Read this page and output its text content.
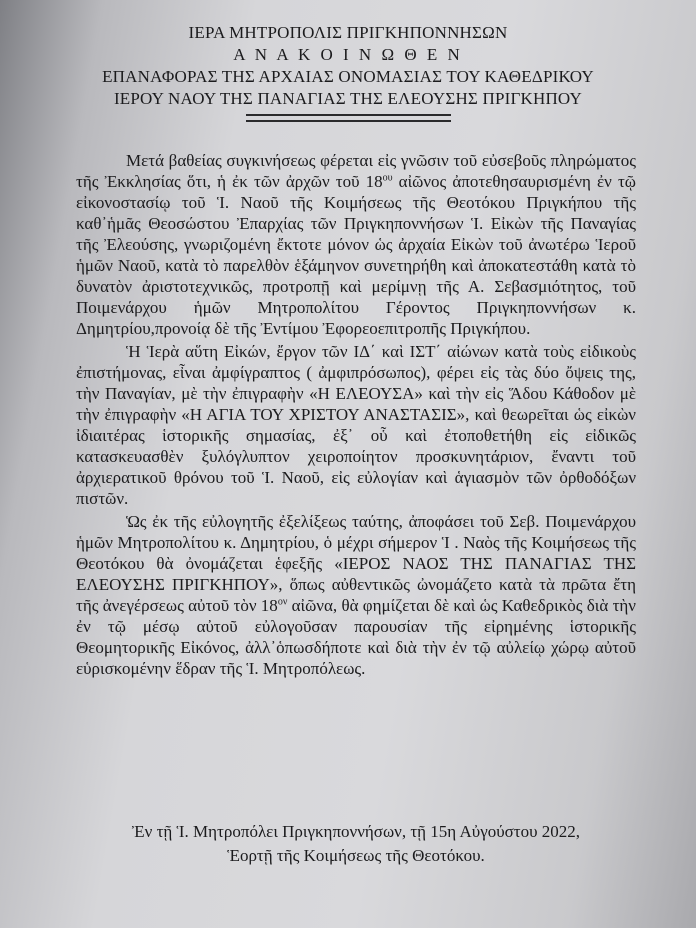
ΙΕΡΑ ΜΗΤΡΟΠΟΛΙΣ ΠΡΙΓΚΗΠΟΝΝΗΣΩΝ
Α Ν Α Κ Ο Ι Ν Ω Θ Ε Ν
ΕΠΑΝΑΦΟΡΑΣ ΤΗΣ ΑΡΧΑΙΑΣ ΟΝΟΜΑΣΙΑΣ ΤΟΥ ΚΑΘΕΔΡΙΚΟΥ
ΙΕΡΟΥ ΝΑΟΥ ΤΗΣ ΠΑΝΑΓΙΑΣ ΤΗΣ ΕΛΕΟΥΣΗΣ ΠΡΙΓΚΗΠΟΥ

Μετά βαθείας συγκινήσεως φέρεται εἰς γνῶσιν τοῦ εὐσεβοῦς πληρώματος τῆς Ἐκκλησίας ὅτι, ἡ ἐκ τῶν ἀρχῶν τοῦ $18^{o\upsilon}$ αἰῶνος ἀποτεθησαυρισμένη ἐν τῷ εἰκονοστασίῳ τοῦ Ἱ. Ναοῦ τῆς Κοιμήσεως τῆς Θεοτόκου Πριγκήπου τῆς καθ᾽ἡμᾶς Θεοσώστου Ἐπαρχίας τῶν Πριγκηποννήσων Ἱ. Εἰκὼν τῆς Παναγίας τῆς Ἐλεούσης, γνωριζομένη ἔκτοτε μόνον ὡς ἀρχαία Εἰκὼν τοῦ ἀνωτέρω Ἱεροῦ ἡμῶν Ναοῦ, κατὰ τὸ παρελθὸν ἑξάμηνον συνετηρήθη καὶ ἀποκατεστάθη κατὰ τὸ δυνατὸν ἀριστοτεχνικῶς, προτροπῇ καὶ μερίμνῃ τῆς Α. Σεβασμιότητος, τοῦ Ποιμενάρχου ἡμῶν Μητροπολίτου Γέροντος Πριγκηποννήσων κ. Δημητρίου,προνοίᾳ δὲ τῆς Ἐντίμου Ἐφορεοεπιτροπῆς Πριγκήπου.

Ἡ Ἱερὰ αὕτη Εἰκών, ἔργον τῶν ΙΔ΄ καὶ ΙΣΤ΄ αἰώνων κατὰ τοὺς εἰδικοὺς ἐπιστήμονας, εἶναι ἀμφίγραπτος ( ἀμφιπρόσωπος), φέρει εἰς τὰς δύο ὄψεις της, τὴν Παναγίαν, μὲ τὴν ἐπιγραφὴν «Η ΕΛΕΟΥΣΑ» καὶ τὴν εἰς Ἅδου Κάθοδον μὲ τὴν ἐπιγραφὴν «Η ΑΓΙΑ ΤΟΥ ΧΡΙΣΤΟΥ ΑΝΑΣΤΑΣΙΣ», καὶ θεωρεῖται ὡς εἰκὼν ἰδιαιτέρας ἱστορικῆς σημασίας, ἐξ᾽ οὗ καὶ ἐτοποθετήθη εἰς εἰδικῶς κατασκευασθὲν ξυλόγλυπτον χειροποίητον προσκυνητάριον, ἔναντι τοῦ ἀρχιερατικοῦ θρόνου τοῦ Ἱ. Ναοῦ, εἰς εὐλογίαν καὶ ἁγιασμὸν τῶν ὀρθοδόξων πιστῶν.

Ὡς ἐκ τῆς εὐλογητῆς ἐξελίξεως ταύτης, ἀποφάσει τοῦ Σεβ. Ποιμενάρχου ἡμῶν Μητροπολίτου κ. Δημητρίου, ὁ μέχρι σήμερον Ἱ . Ναὸς τῆς Κοιμήσεως τῆς Θεοτόκου θὰ ὀνομάζεται ἑφεξῆς «ΙΕΡΟΣ ΝΑΟΣ ΤΗΣ ΠΑΝΑΓΙΑΣ ΤΗΣ ΕΛΕΟΥΣΗΣ ΠΡΙΓΚΗΠΟΥ», ὅπως αὐθεντικῶς ὠνομάζετο κατὰ τὰ πρῶτα ἔτη τῆς ἀνεγέρσεως αὐτοῦ τὸν $18^{o\nu}$ αἰῶνα, θὰ φημίζεται δὲ καὶ ὡς Καθεδρικὸς διὰ τὴν ἐν τῷ μέσῳ αὐτοῦ εὐλογοῦσαν παρουσίαν τῆς εἰρημένης ἱστορικῆς Θεομητορικῆς Εἰκόνος, ἀλλ᾽ὁπωσδήποτε καὶ διὰ τὴν ἐν τῷ αὐλείῳ χώρῳ αὐτοῦ εὑρισκομένην ἕδραν τῆς Ἱ. Μητροπόλεως.

Ἐν τῇ Ἱ. Μητροπόλει Πριγκηποννήσων, τῇ 15η Αὐγούστου 2022,
Ἑορτῇ τῆς Κοιμήσεως τῆς Θεοτόκου.
